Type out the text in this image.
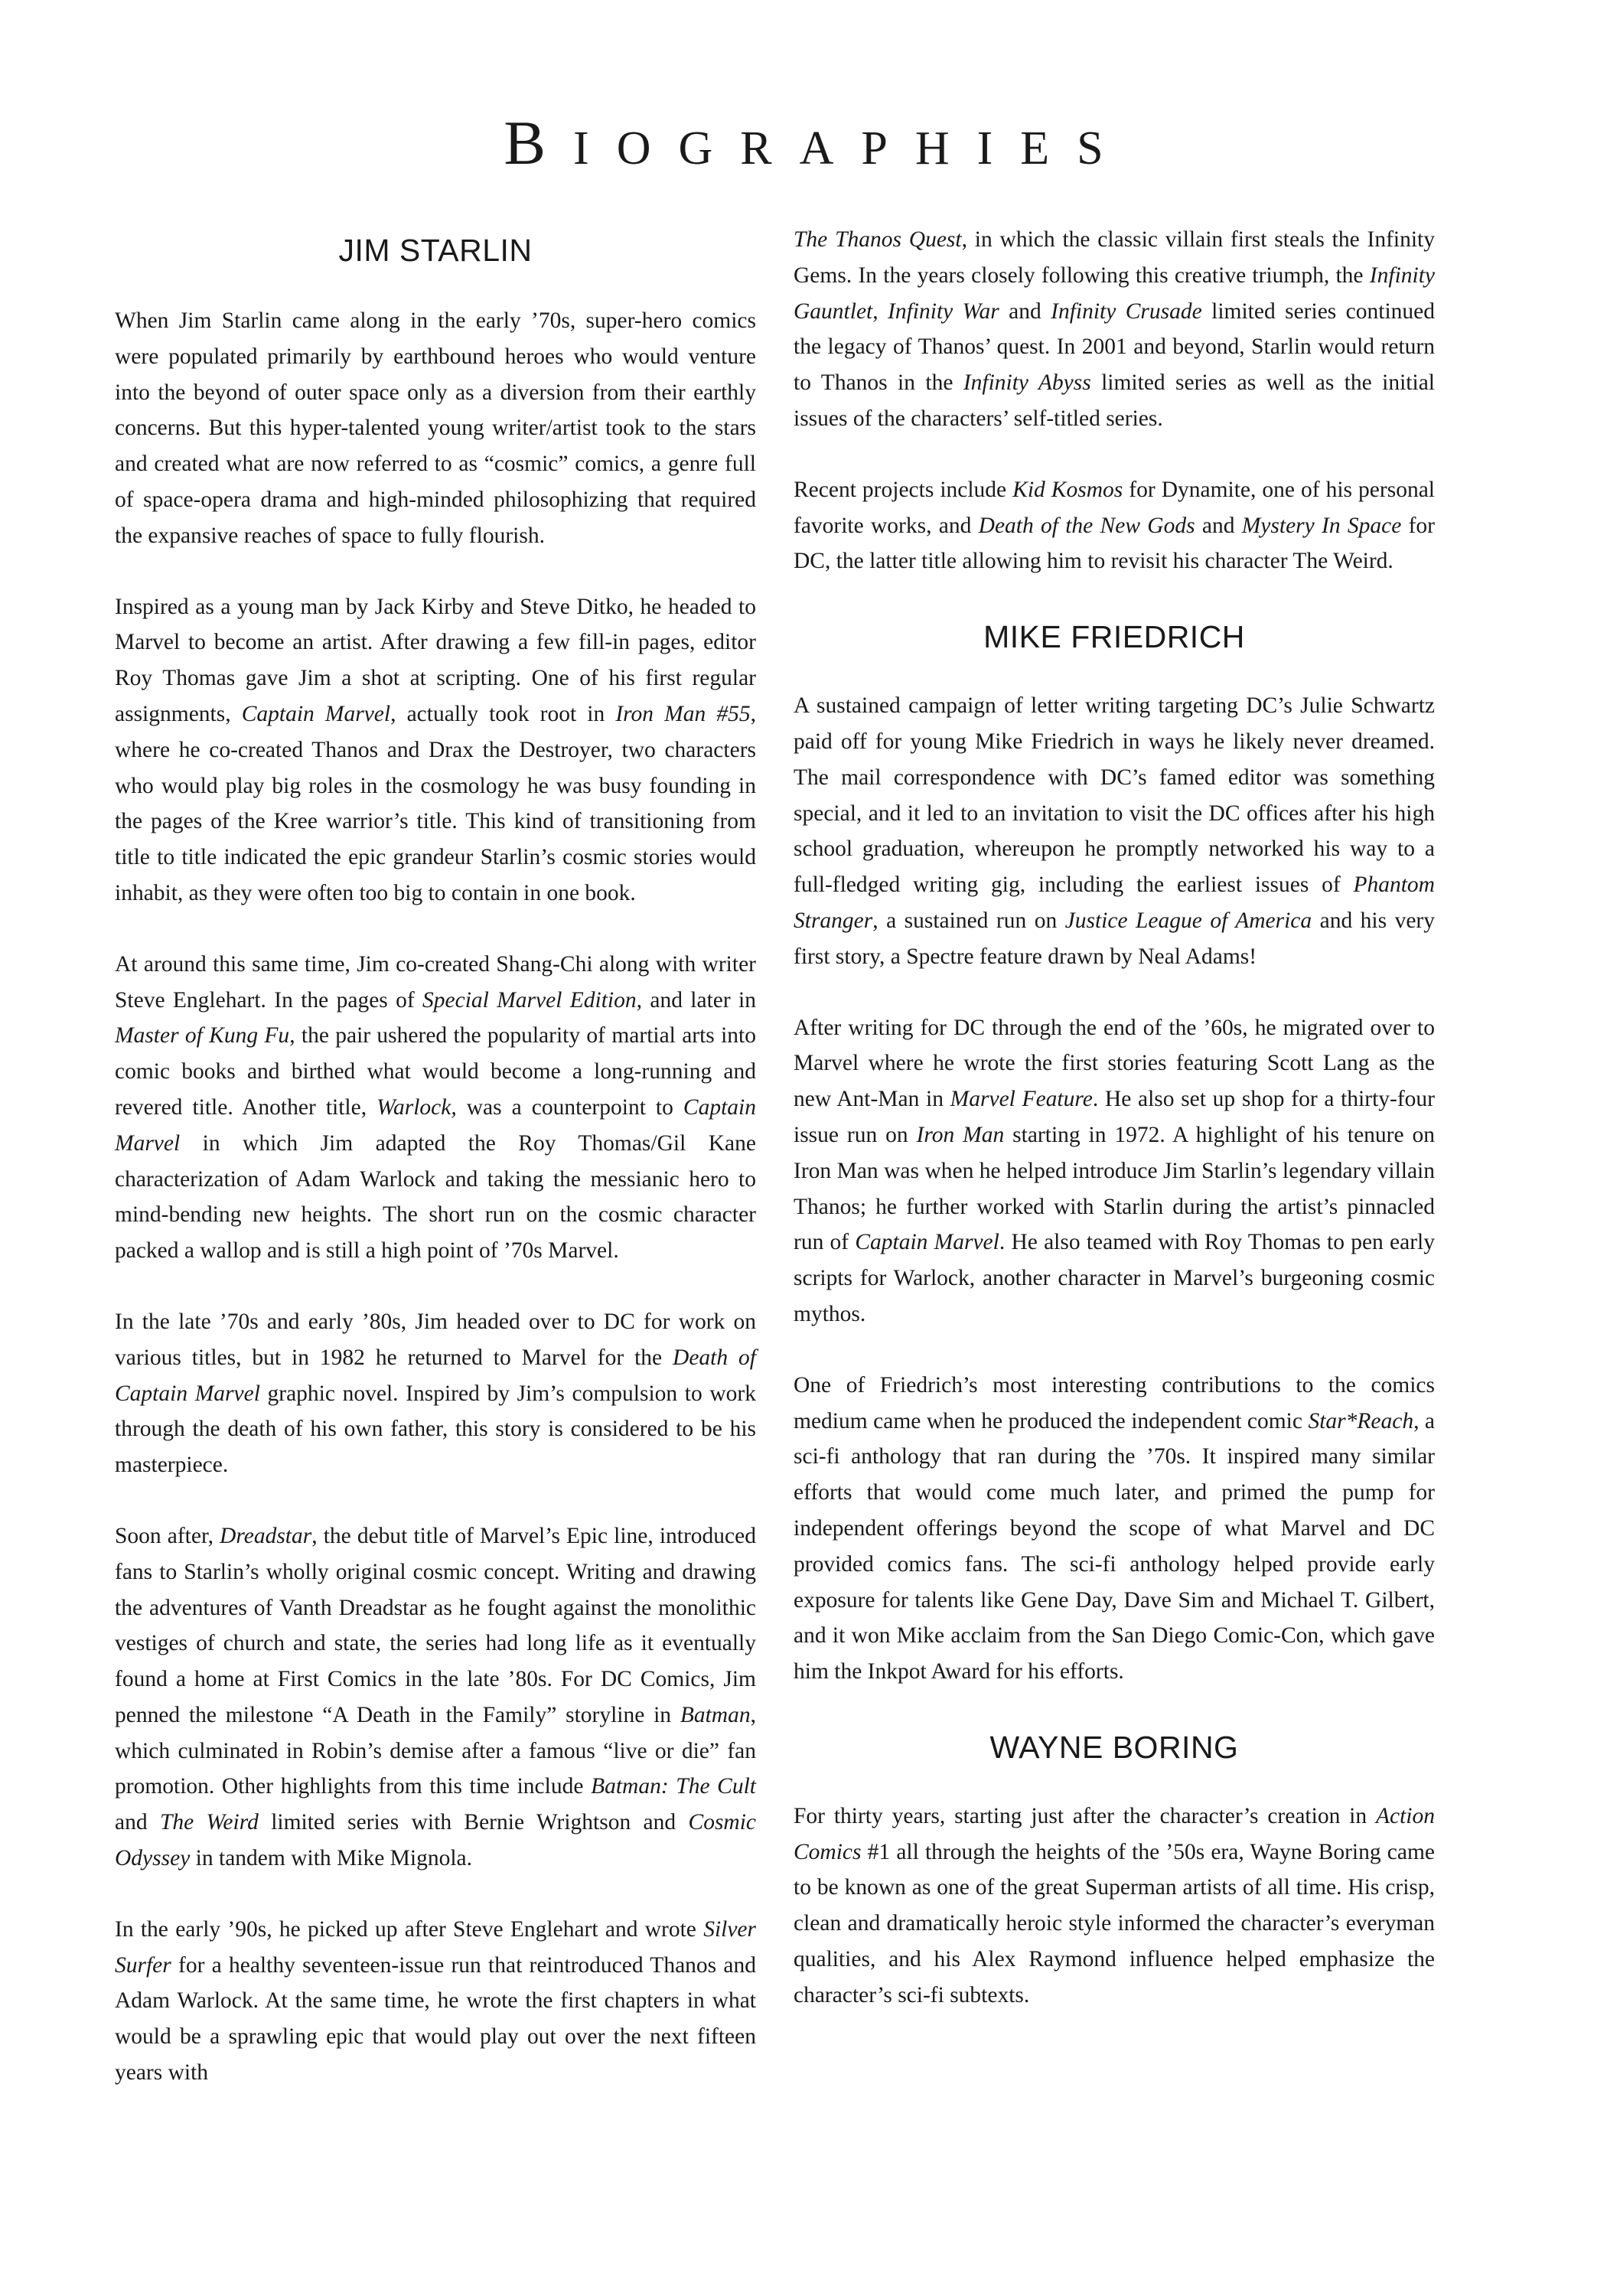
BIOGRAPHIES
JIM STARLIN

When Jim Starlin came along in the early ’70s, super-hero comics were populated primarily by earthbound heroes who would venture into the beyond of outer space only as a diversion from their earthly concerns. But this hyper-talented young writer/artist took to the stars and created what are now referred to as “cosmic” comics, a genre full of space-opera drama and high-minded philosophizing that required the expansive reaches of space to fully flourish.

Inspired as a young man by Jack Kirby and Steve Ditko, he headed to Marvel to become an artist. After drawing a few fill-in pages, editor Roy Thomas gave Jim a shot at scripting. One of his first regular assignments, Captain Marvel, actually took root in Iron Man #55, where he co-created Thanos and Drax the Destroyer, two characters who would play big roles in the cosmology he was busy founding in the pages of the Kree warrior’s title. This kind of transitioning from title to title indicated the epic grandeur Starlin’s cosmic stories would inhabit, as they were often too big to contain in one book.

At around this same time, Jim co-created Shang-Chi along with writer Steve Englehart. In the pages of Special Marvel Edition, and later in Master of Kung Fu, the pair ushered the popularity of martial arts into comic books and birthed what would become a long-running and revered title. Another title, Warlock, was a counterpoint to Captain Marvel in which Jim adapted the Roy Thomas/Gil Kane characterization of Adam Warlock and taking the messianic hero to mind-bending new heights. The short run on the cosmic character packed a wallop and is still a high point of ’70s Marvel.

In the late ’70s and early ’80s, Jim headed over to DC for work on various titles, but in 1982 he returned to Marvel for the Death of Captain Marvel graphic novel. Inspired by Jim’s compulsion to work through the death of his own father, this story is considered to be his masterpiece.

Soon after, Dreadstar, the debut title of Marvel’s Epic line, introduced fans to Starlin’s wholly original cosmic concept. Writing and drawing the adventures of Vanth Dreadstar as he fought against the monolithic vestiges of church and state, the series had long life as it eventually found a home at First Comics in the late ’80s. For DC Comics, Jim penned the milestone “A Death in the Family” storyline in Batman, which culminated in Robin’s demise after a famous “live or die” fan promotion. Other highlights from this time include Batman: The Cult and The Weird limited series with Bernie Wrightson and Cosmic Odyssey in tandem with Mike Mignola.

In the early ’90s, he picked up after Steve Englehart and wrote Silver Surfer for a healthy seventeen-issue run that reintroduced Thanos and Adam Warlock. At the same time, he wrote the first chapters in what would be a sprawling epic that would play out over the next fifteen years with

The Thanos Quest, in which the classic villain first steals the Infinity Gems. In the years closely following this creative triumph, the Infinity Gauntlet, Infinity War and Infinity Crusade limited series continued the legacy of Thanos’ quest. In 2001 and beyond, Starlin would return to Thanos in the Infinity Abyss limited series as well as the initial issues of the characters’ self-titled series.

Recent projects include Kid Kosmos for Dynamite, one of his personal favorite works, and Death of the New Gods and Mystery In Space for DC, the latter title allowing him to revisit his character The Weird.

MIKE FRIEDRICH

A sustained campaign of letter writing targeting DC’s Julie Schwartz paid off for young Mike Friedrich in ways he likely never dreamed. The mail correspondence with DC’s famed editor was something special, and it led to an invitation to visit the DC offices after his high school graduation, whereupon he promptly networked his way to a full-fledged writing gig, including the earliest issues of Phantom Stranger, a sustained run on Justice League of America and his very first story, a Spectre feature drawn by Neal Adams!

After writing for DC through the end of the ’60s, he migrated over to Marvel where he wrote the first stories featuring Scott Lang as the new Ant-Man in Marvel Feature. He also set up shop for a thirty-four issue run on Iron Man starting in 1972. A highlight of his tenure on Iron Man was when he helped introduce Jim Starlin’s legendary villain Thanos; he further worked with Starlin during the artist’s pinnacled run of Captain Marvel. He also teamed with Roy Thomas to pen early scripts for Warlock, another character in Marvel’s burgeoning cosmic mythos.

One of Friedrich’s most interesting contributions to the comics medium came when he produced the independent comic Star*Reach, a sci-fi anthology that ran during the ’70s. It inspired many similar efforts that would come much later, and primed the pump for independent offerings beyond the scope of what Marvel and DC provided comics fans. The sci-fi anthology helped provide early exposure for talents like Gene Day, Dave Sim and Michael T. Gilbert, and it won Mike acclaim from the San Diego Comic-Con, which gave him the Inkpot Award for his efforts.

WAYNE BORING

For thirty years, starting just after the character’s creation in Action Comics #1 all through the heights of the ’50s era, Wayne Boring came to be known as one of the great Superman artists of all time. His crisp, clean and dramatically heroic style informed the character’s everyman qualities, and his Alex Raymond influence helped emphasize the character’s sci-fi subtexts.
